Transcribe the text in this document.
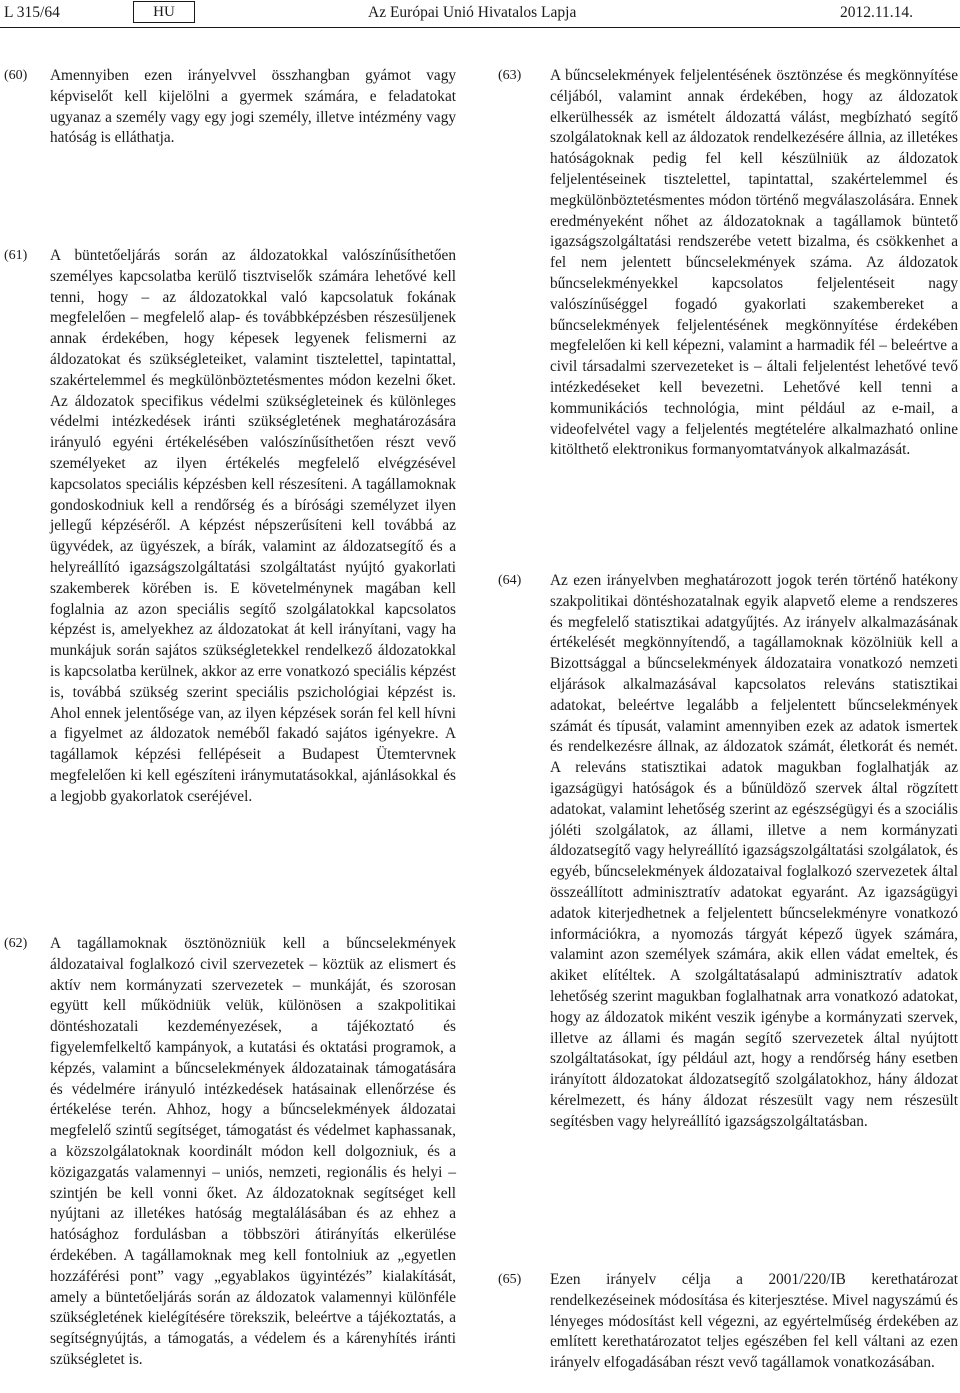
L 315/64	HU	Az Európai Unió Hivatalos Lapja	2012.11.14.
(60)	Amennyiben ezen irányelvvel összhangban gyámot vagy képviselőt kell kijelölni a gyermek számára, e feladatokat ugyanaz a személy vagy egy jogi személy, illetve intézmény vagy hatóság is elláthatja.
(61)	A büntetőeljárás során az áldozatokkal valószínűsíthetően személyes kapcsolatba kerülő tisztviselők számára lehetővé kell tenni, hogy – az áldozatokkal való kapcsolatuk fokának megfelelően – megfelelő alap- és továbbképzésben részesüljenek annak érdekében, hogy képesek legyenek felismerni az áldozatokat és szükségleteiket, valamint tisztelettel, tapintattal, szakértelemmel és megkülönböztetésmentes módon kezelni őket. Az áldozatok specifikus védelmi szükségleteinek és különleges védelmi intézkedések iránti szükségletének meghatározására irányuló egyéni értékelésében valószínűsíthetően részt vevő személyeket az ilyen értékelés megfelelő elvégzésével kapcsolatos speciális képzésben kell részesíteni. A tagállamoknak gondoskodniuk kell a rendőrség és a bírósági személyzet ilyen jellegű képzéséről. A képzést népszerűsíteni kell továbbá az ügyvédek, az ügyészek, a bírák, valamint az áldozatsegítő és a helyreállító igazságszolgáltatási szolgáltatást nyújtó gyakorlati szakemberek körében is. E követelménynek magában kell foglalnia az azon speciális segítő szolgálatokkal kapcsolatos képzést is, amelyekhez az áldozatokat át kell irányítani, vagy ha munkájuk során sajátos szükségletekkel rendelkező áldozatokkal is kapcsolatba kerülnek, akkor az erre vonatkozó speciális képzést is, továbbá szükség szerint speciális pszichológiai képzést is. Ahol ennek jelentősége van, az ilyen képzések során fel kell hívni a figyelmet az áldozatok neméből fakadó sajátos igényekre. A tagállamok képzési fellépéseit a Budapest Ütemtervnek megfelelően ki kell egészíteni iránymutatásokkal, ajánlásokkal és a legjobb gyakorlatok cseréjével.
(62)	A tagállamoknak ösztönözniük kell a bűncselekmények áldozataival foglalkozó civil szervezetek – köztük az elismert és aktív nem kormányzati szervezetek – munkáját, és szorosan együtt kell működniük velük, különösen a szakpolitikai döntéshozatali kezdeményezések, a tájékoztató és figyelemfelkeltő kampányok, a kutatási és oktatási programok, a képzés, valamint a bűncselekmények áldozatainak támogatására és védelmére irányuló intézkedések hatásainak ellenőrzése és értékelése terén. Ahhoz, hogy a bűncselekmények áldozatai megfelelő szintű segítséget, támogatást és védelmet kaphassanak, a közszolgálatoknak koordinált módon kell dolgozniuk, és a közigazgatás valamennyi – uniós, nemzeti, regionális és helyi – szintjén be kell vonni őket. Az áldozatoknak segítséget kell nyújtani az illetékes hatóság megtalálásában és az ehhez a hatósághoz fordulásban a többszöri átirányítás elkerülése érdekében. A tagállamoknak meg kell fontolniuk az „egyetlen hozzáférési pont” vagy „egyablakos ügyintézés” kialakítását, amely a büntetőeljárás során az áldozatok valamennyi különféle szükségletének kielégítésére törekszik, beleértve a tájékoztatás, a segítségnyújtás, a támogatás, a védelem és a kárenyhítés iránti szükségletet is.
(63)	A bűncselekmények feljelentésének ösztönzése és megkönnyítése céljából, valamint annak érdekében, hogy az áldozatok elkerülhessék az ismételt áldozattá válást, megbízható segítő szolgálatoknak kell az áldozatok rendelkezésére állnia, az illetékes hatóságoknak pedig fel kell készülniük az áldozatok feljelentéseinek tisztelettel, tapintattal, szakértelemmel és megkülönböztetésmentes módon történő megválaszolására. Ennek eredményeként nőhet az áldozatoknak a tagállamok büntető igazságszolgáltatási rendszerébe vetett bizalma, és csökkenhet a fel nem jelentett bűncselekmények száma. Az áldozatok bűncselekményekkel kapcsolatos feljelentéseit nagy valószínűséggel fogadó gyakorlati szakembereket a bűncselekmények feljelentésének megkönnyítése érdekében megfelelően ki kell képezni, valamint a harmadik fél – beleértve a civil társadalmi szervezeteket is – általi feljelentést lehetővé tevő intézkedéseket kell bevezetni. Lehetővé kell tenni a kommunikációs technológia, mint például az e-mail, a videofelvétel vagy a feljelentés megtételére alkalmazható online kitölthető elektronikus formanyomtatványok alkalmazását.
(64)	Az ezen irányelvben meghatározott jogok terén történő hatékony szakpolitikai döntéshozatalnak egyik alapvető eleme a rendszeres és megfelelő statisztikai adatgyűjtés. Az irányelv alkalmazásának értékelését megkönnyítendő, a tagállamoknak közölniük kell a Bizottsággal a bűncselekmények áldozataira vonatkozó nemzeti eljárások alkalmazásával kapcsolatos releváns statisztikai adatokat, beleértve legalább a feljelentett bűncselekmények számát és típusát, valamint amennyiben ezek az adatok ismertek és rendelkezésre állnak, az áldozatok számát, életkorát és nemét. A releváns statisztikai adatok magukban foglalhatják az igazságügyi hatóságok és a bűnüldöző szervek által rögzített adatokat, valamint lehetőség szerint az egészségügyi és a szociális jóléti szolgálatok, az állami, illetve a nem kormányzati áldozatsegítő vagy helyreállító igazságszolgáltatási szolgálatok, és egyéb, bűncselekmények áldozataival foglalkozó szervezetek által összeállított adminisztratív adatokat egyaránt. Az igazságügyi adatok kiterjedhetnek a feljelentett bűncselekményre vonatkozó információkra, a nyomozás tárgyát képező ügyek számára, valamint azon személyek számára, akik ellen vádat emeltek, és akiket elítéltek. A szolgáltatásalapú adminisztratív adatok lehetőség szerint magukban foglalhatnak arra vonatkozó adatokat, hogy az áldozatok miként veszik igénybe a kormányzati szervek, illetve az állami és magán segítő szervezetek által nyújtott szolgáltatásokat, így például azt, hogy a rendőrség hány esetben irányított áldozatokat áldozatsegítő szolgálatokhoz, hány áldozat kérelmezett, és hány áldozat részesült vagy nem részesült segítésben vagy helyreállító igazságszolgáltatásban.
(65)	Ezen irányelv célja a 2001/220/IB kerethatározat rendelkezéseinek módosítása és kiterjesztése. Mivel nagyszámú és lényeges módosítást kell végezni, az egyértelműség érdekében az említett kerethatározatot teljes egészében fel kell váltani az ezen irányelv elfogadásában részt vevő tagállamok vonatkozásában.
